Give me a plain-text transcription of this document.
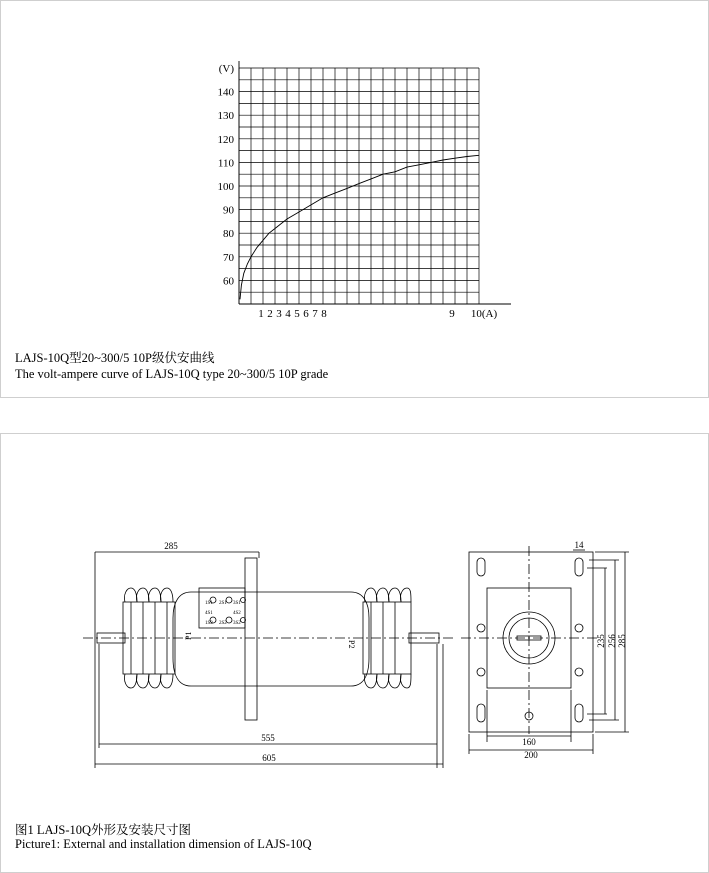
60
70
80
90
100
110
120
130
140
(V)
1 2 3 4 5 6 7 8	9 10(A)
LAJS-10Q型20~300/5 10P级伏安曲线
The volt-ampere curve of LAJS-10Q type 20~300/5 10P grade
285
555
605
P1
P2
1S1
1S2
2S1
2S2
3S1
3S2
4S1	4S2
14
235 256 285
160
200
图1 LAJS-10Q外形及安装尺寸图
Picture1: External and installation dimension of LAJS-10Q
